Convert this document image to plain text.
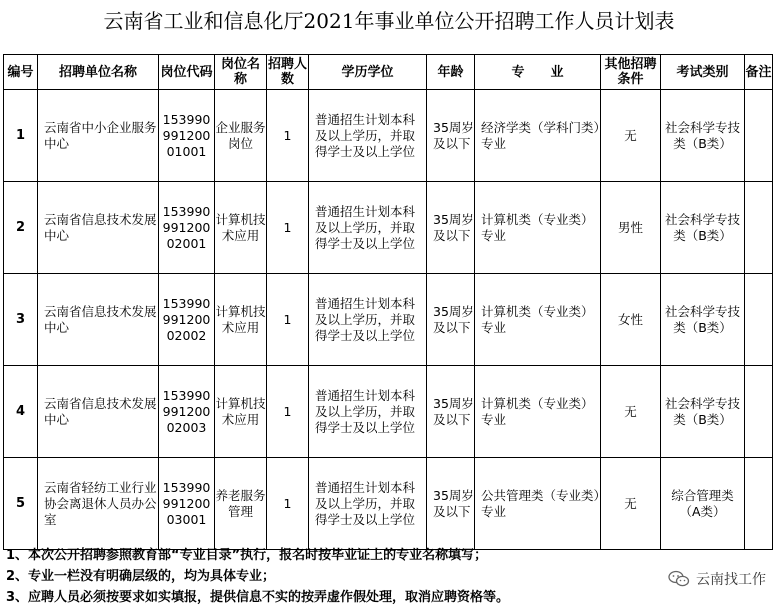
云南省工业和信息化厅2021年事业单位公开招聘工作人员计划表
编号	招聘单位名称	岗位代码	岗位名称	招聘人数	学历学位	年龄	专　　业	其他招聘条件	考试类别	备注
1	云南省中小企业服务中心	153990991200 01001	企业服务岗位	1	普通招生计划本科及以上学历，并取得学士及以上学位	35周岁及以下	经济学类（学科门类）专业	无	社会科学专技类（B类）	
2	云南省信息技术发展中心	153990991200 02001	计算机技术应用	1	普通招生计划本科及以上学历，并取得学士及以上学位	35周岁及以下	计算机类（专业类）专业	男性	社会科学专技类（B类）	
3	云南省信息技术发展中心	153990991200 02002	计算机技术应用	1	普通招生计划本科及以上学历，并取得学士及以上学位	35周岁及以下	计算机类（专业类）专业	女性	社会科学专技类（B类）	
4	云南省信息技术发展中心	153990991200 02003	计算机技术应用	1	普通招生计划本科及以上学历，并取得学士及以上学位	35周岁及以下	计算机类（专业类）专业	无	社会科学专技类（B类）	
5	云南省轻纺工业行业协会离退休人员办公室	153990991200 03001	养老服务管理	1	普通招生计划本科及以上学历，并取得学士及以上学位	35周岁及以下	公共管理类（专业类）专业	无	综合管理类（A类）	
1、本次公开招聘参照教育部“专业目录”执行，报名时按毕业证上的专业名称填写；
2、专业一栏没有明确层级的，均为具体专业；
3、应聘人员必须按要求如实填报，提供信息不实的按弄虚作假处理，取消应聘资格等。
云南找工作
